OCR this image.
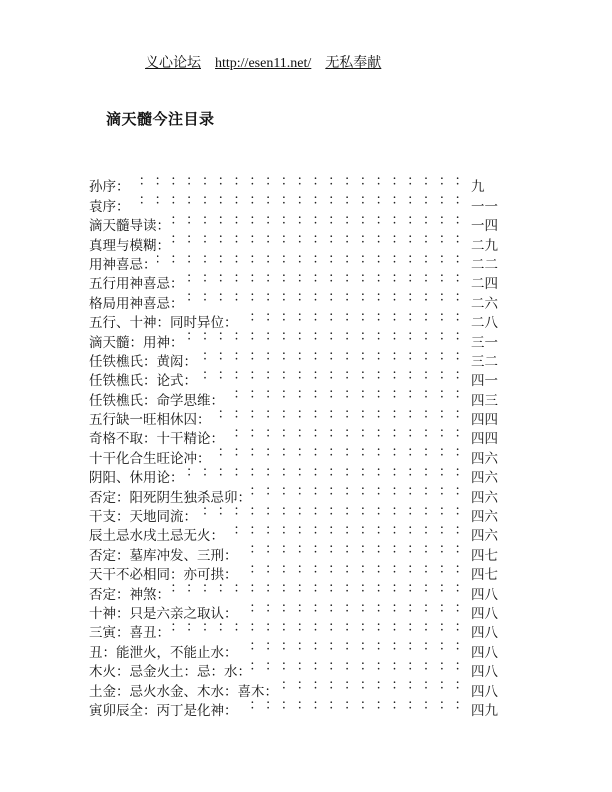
义心论坛 http://esen11.net/ 无私奉献
滴天髓今注目录
孙序： ： ： ： ： ： ： ： ： ： ： ： ： ： ： ： ： ： ： ： ： ： ： ： ： ： ： ： ： ： ： ：	九
袁序： ： ： ： ： ： ： ： ： ： ： ： ： ： ： ： ： ： ： ： ： ： ： ： ： ： ： ： ： ： ： ：	一一
滴天髓导读： ： ： ： ： ： ： ： ： ： ： ： ： ： ： ： ： ： ： ： ： ： ： ： ： ： ： ： ： ： ： ：	一四
真理与模糊： ： ： ： ： ： ： ： ： ： ： ： ： ： ： ： ： ： ： ： ： ： ： ： ： ： ： ： ： ： ： ：	二九
用神喜忌： ： ： ： ： ： ： ： ： ： ： ： ： ： ： ： ： ： ： ： ： ： ： ： ： ： ： ： ： ： ： ：	二二
五行用神喜忌： ： ： ： ： ： ： ： ： ： ： ： ： ： ： ： ： ： ： ： ： ： ： ： ： ： ： ： ： ： ： ：	二四
格局用神喜忌： ： ： ： ： ： ： ： ： ： ： ： ： ： ： ： ： ： ： ： ： ： ： ： ： ： ： ： ： ： ： ：	二六
五行、十神：同时异位： ： ： ： ： ： ： ： ： ： ： ： ： ： ： ： ： ： ： ： ： ： ： ： ： ： ： ： ： ： ： ：	二八
滴天髓：用神： ： ： ： ： ： ： ： ： ： ： ： ： ： ： ： ： ： ： ： ： ： ： ： ： ： ： ： ： ： ： ：	三一
任铁樵氏：黄闳： ： ： ： ： ： ： ： ： ： ： ： ： ： ： ： ： ： ： ： ： ： ： ： ： ： ： ： ： ： ： ：	三二
任铁樵氏：论式： ： ： ： ： ： ： ： ： ： ： ： ： ： ： ： ： ： ： ： ： ： ： ： ： ： ： ： ： ： ： ：	四一
任铁樵氏：命学思维： ： ： ： ： ： ： ： ： ： ： ： ： ： ： ： ： ： ： ： ： ： ： ： ： ： ： ： ： ： ： ：	四三
五行缺一旺相休囚： ： ： ： ： ： ： ： ： ： ： ： ： ： ： ： ： ： ： ： ： ： ： ： ： ： ： ： ： ： ： ：	四四
奇格不取：十干精论： ： ： ： ： ： ： ： ： ： ： ： ： ： ： ： ： ： ： ： ： ： ： ： ： ： ： ： ： ： ： ：	四四
十干化合生旺论冲： ： ： ： ： ： ： ： ： ： ： ： ： ： ： ： ： ： ： ： ： ： ： ： ： ： ： ： ： ： ： ：	四六
阴阳、休用论： ： ： ： ： ： ： ： ： ： ： ： ： ： ： ： ： ： ： ： ： ： ： ： ： ： ： ： ： ： ： ：	四六
否定：阳死阴生独杀忌卯： ： ： ： ： ： ： ： ： ： ： ： ： ： ： ： ： ： ： ： ： ： ： ： ： ： ： ： ： ： ： ：	四六
干支：天地同流： ： ： ： ： ： ： ： ： ： ： ： ： ： ： ： ： ： ： ： ： ： ： ： ： ： ： ： ： ： ： ：	四六
辰土忌水戌土忌无火： ： ： ： ： ： ： ： ： ： ： ： ： ： ： ： ： ： ： ： ： ： ： ： ： ： ： ： ： ： ： ：	四六
否定：墓库冲发、三刑： ： ： ： ： ： ： ： ： ： ： ： ： ： ： ： ： ： ： ： ： ： ： ： ： ： ： ： ： ： ： ：	四七
天干不必相同：亦可拱： ： ： ： ： ： ： ： ： ： ： ： ： ： ： ： ： ： ： ： ： ： ： ： ： ： ： ： ： ： ： ：	四七
否定：神煞： ： ： ： ： ： ： ： ： ： ： ： ： ： ： ： ： ： ： ： ： ： ： ： ： ： ： ： ： ： ： ：	四八
十神：只是六亲之取认： ： ： ： ： ： ： ： ： ： ： ： ： ： ： ： ： ： ： ： ： ： ： ： ： ： ： ： ： ： ： ：	四八
三寅：喜丑： ： ： ： ： ： ： ： ： ： ： ： ： ： ： ： ： ： ： ： ： ： ： ： ： ： ： ： ： ： ： ：	四八
丑：能泄火，不能止水： ： ： ： ： ： ： ： ： ： ： ： ： ： ： ： ： ： ： ： ： ： ： ： ： ： ： ： ： ： ： ：	四八
木火：忌金火土：忌：水： ： ： ： ： ： ： ： ： ： ： ： ： ： ： ： ： ： ： ： ： ： ： ： ： ： ： ： ： ： ： ：	四八
土金：忌火水金、木水：喜木： ： ： ： ： ： ： ： ： ： ： ： ： ： ： ： ： ： ： ： ： ： ： ： ： ： ： ： ： ： ： ：	四八
寅卯辰全：丙丁是化神： ： ： ： ： ： ： ： ： ： ： ： ： ： ： ： ： ： ： ： ： ： ： ： ： ： ： ： ： ： ： ：	四九
